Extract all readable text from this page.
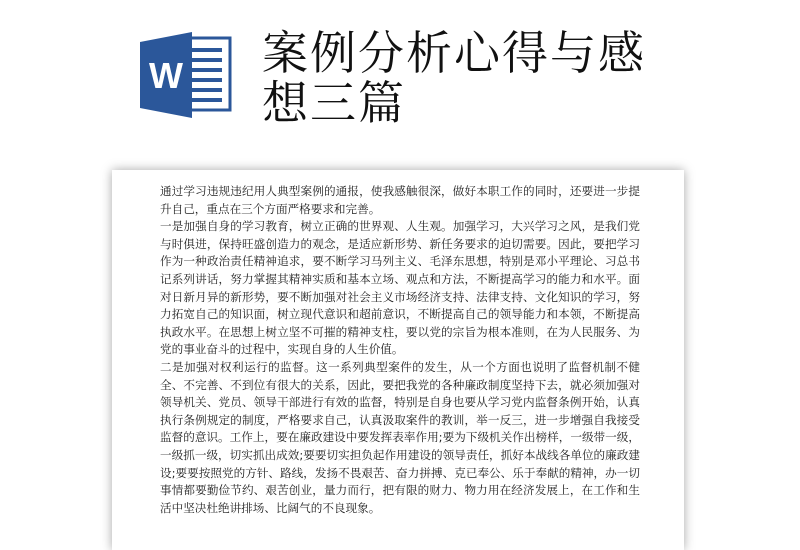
W 案例分析心得与感想三篇

通过学习违规违纪用人典型案例的通报，使我感触很深，做好本职工作的同时，还要进一步提升自己，重点在三个方面严格要求和完善。

一是加强自身的学习教育，树立正确的世界观、人生观。加强学习，大兴学习之风，是我们党与时俱进，保持旺盛创造力的观念，是适应新形势、新任务要求的迫切需要。因此，要把学习作为一种政治责任精神追求，要不断学习马列主义、毛泽东思想，特别是邓小平理论、习总书记系列讲话，努力掌握其精神实质和基本立场、观点和方法，不断提高学习的能力和水平。面对日新月异的新形势，要不断加强对社会主义市场经济支持、法律支持、文化知识的学习，努力拓宽自己的知识面，树立现代意识和超前意识，不断提高自己的领导能力和本领，不断提高执政水平。在思想上树立坚不可摧的精神支柱，要以党的宗旨为根本准则，在为人民服务、为党的事业奋斗的过程中，实现自身的人生价值。

二是加强对权利运行的监督。这一系列典型案件的发生，从一个方面也说明了监督机制不健全、不完善、不到位有很大的关系，因此，要把我党的各种廉政制度坚持下去，就必须加强对领导机关、党员、领导干部进行有效的监督，特别是自身也要从学习党内监督条例开始，认真执行条例规定的制度，严格要求自己，认真汲取案件的教训，举一反三，进一步增强自我接受监督的意识。工作上，要在廉政建设中要发挥表率作用;要为下级机关作出榜样，一级带一级，一级抓一级，切实抓出成效;要要切实担负起作用建设的领导责任，抓好本战线各单位的廉政建设;要要按照党的方针、路线，发扬不畏艰苦、奋力拼搏、克已奉公、乐于奉献的精神，办一切事情都要勤俭节约、艰苦创业，量力而行，把有限的财力、物力用在经济发展上，在工作和生活中坚决杜绝讲排场、比阔气的不良现象。
